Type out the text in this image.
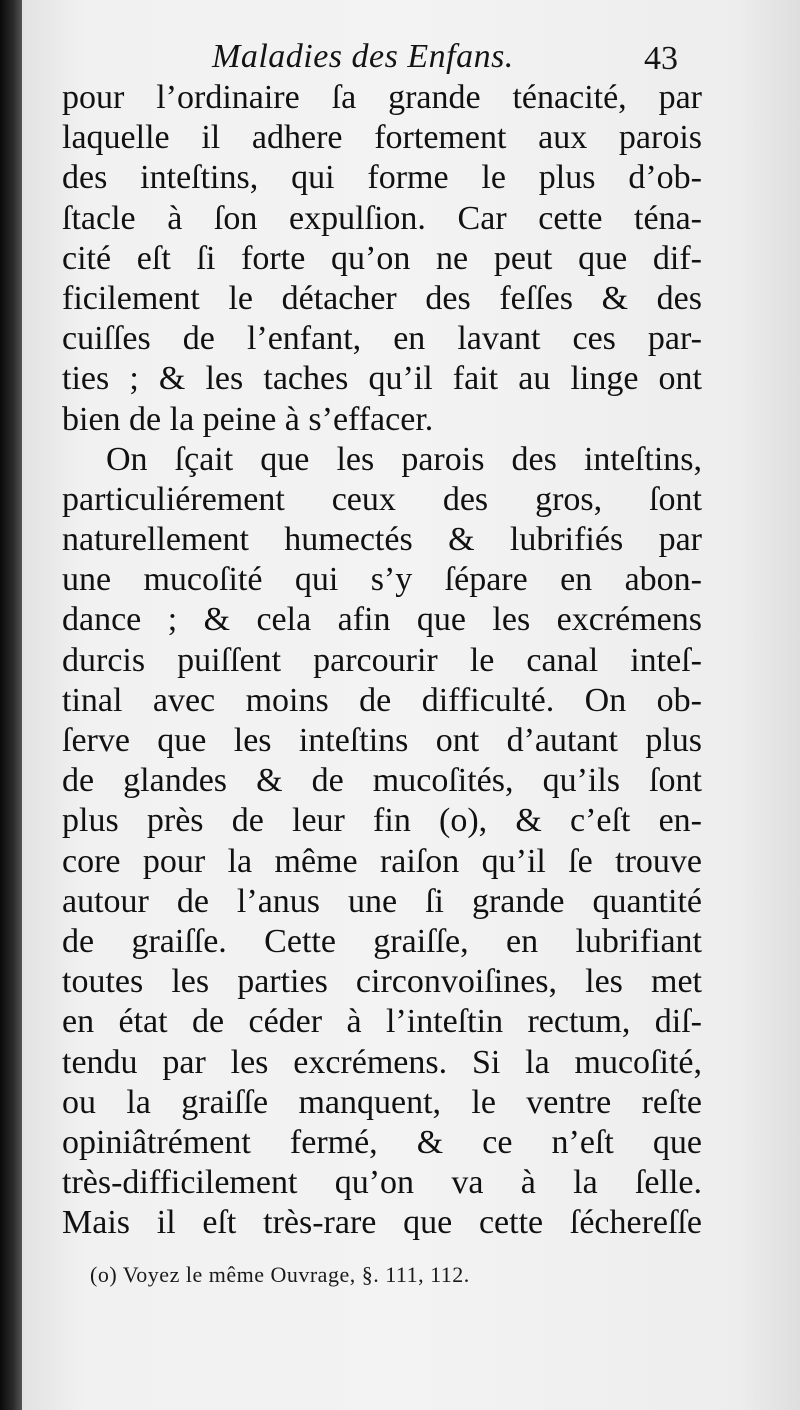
Maladies des Enfans.	43
pour l’ordinaire ſa grande ténacité, par
laquelle il adhere fortement aux parois
des inteſtins, qui forme le plus d’ob-
ſtacle à ſon expulſion. Car cette téna-
cité eſt ſi forte qu’on ne peut que dif-
ficilement le détacher des feſſes & des
cuiſſes de l’enfant, en lavant ces par-
ties ; & les taches qu’il fait au linge ont
bien de la peine à s’effacer.
On ſçait que les parois des inteſtins,
particuliérement ceux des gros, ſont
naturellement humectés & lubrifiés par
une mucoſité qui s’y ſépare en abon-
dance ; & cela afin que les excrémens
durcis puiſſent parcourir le canal inteſ-
tinal avec moins de difficulté. On ob-
ſerve que les inteſtins ont d’autant plus
de glandes & de mucoſités, qu’ils ſont
plus près de leur fin (o), & c’eſt en-
core pour la même raiſon qu’il ſe trouve
autour de l’anus une ſi grande quantité
de graiſſe. Cette graiſſe, en lubrifiant
toutes les parties circonvoiſines, les met
en état de céder à l’inteſtin rectum, diſ-
tendu par les excrémens. Si la mucoſité,
ou la graiſſe manquent, le ventre reſte
opiniâtrément fermé, & ce n’eſt que
très-difficilement qu’on va à la ſelle.
Mais il eſt très-rare que cette ſéchereſſe
(o) Voyez le même Ouvrage, §. 111, 112.
